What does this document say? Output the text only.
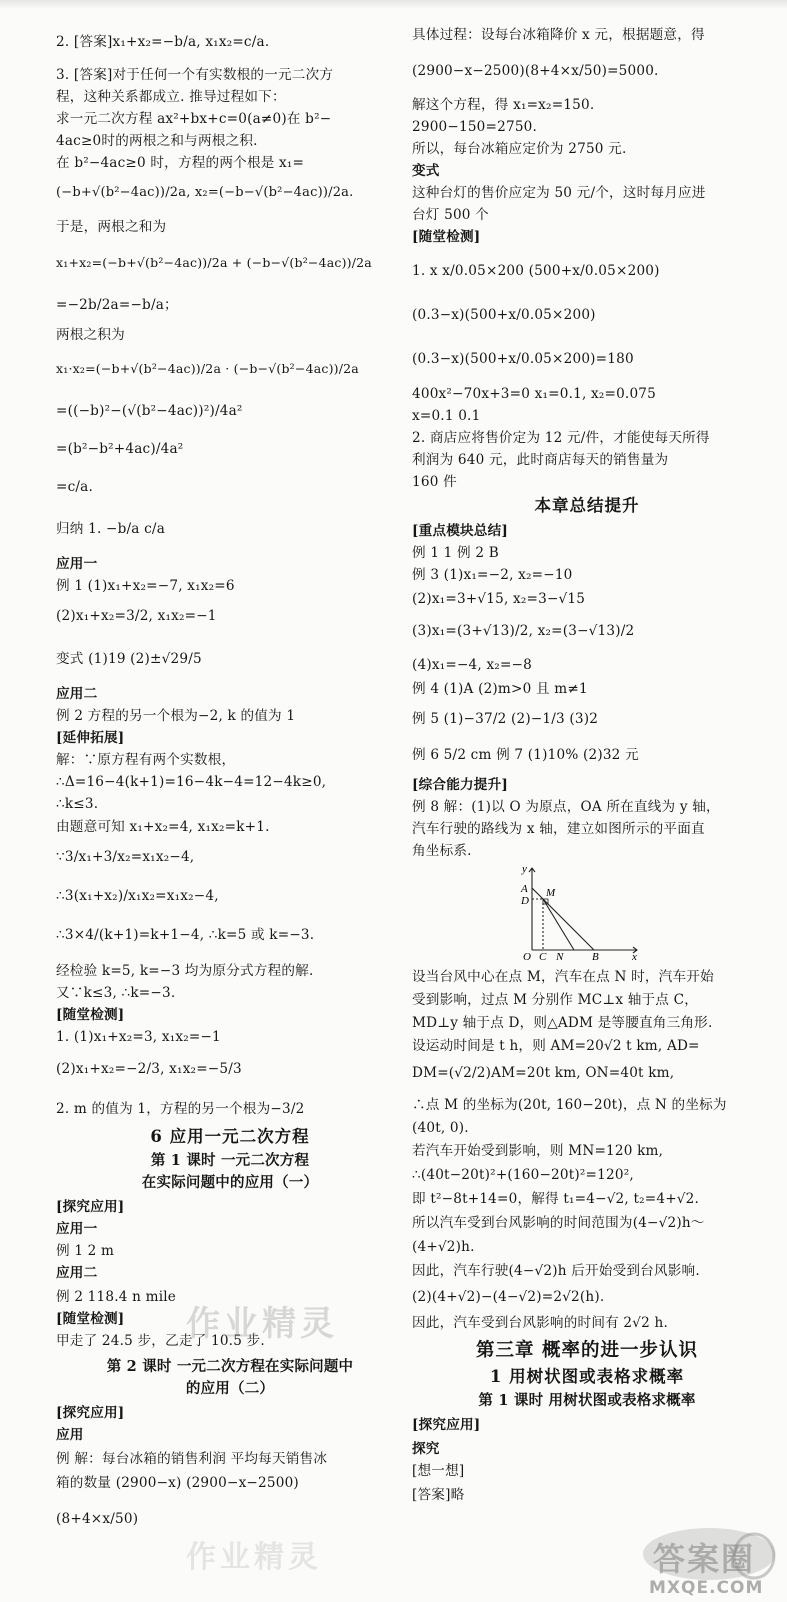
2. [答案]x₁+x₂=−b/a, x₁x₂=c/a.
3. [答案]对于任何一个有实数根的一元二次方
程，这种关系都成立. 推导过程如下：
求一元二次方程 ax²+bx+c=0(a≠0)在 b²−
4ac≥0时的两根之和与两根之积.
在 b²−4ac≥0 时，方程的两个根是 x₁=
(−b+√(b²−4ac))/2a, x₂=(−b−√(b²−4ac))/2a.
于是，两根之和为
x₁+x₂=(−b+√(b²−4ac))/2a + (−b−√(b²−4ac))/2a
=−2b/2a=−b/a；
两根之积为
x₁·x₂=(−b+√(b²−4ac))/2a · (−b−√(b²−4ac))/2a
=((−b)²−(√(b²−4ac))²)/4a²
=(b²−b²+4ac)/4a²
=c/a.
归纳 1. −b/a c/a
应用一
例 1 (1)x₁+x₂=−7, x₁x₂=6
(2)x₁+x₂=3/2, x₁x₂=−1
变式 (1)19 (2)±√29/5
应用二
例 2 方程的另一个根为−2, k 的值为 1
[延伸拓展]
解：∵原方程有两个实数根，
∴Δ=16−4(k+1)=16−4k−4=12−4k≥0,
∴k≤3.
由题意可知 x₁+x₂=4, x₁x₂=k+1.
∵3/x₁+3/x₂=x₁x₂−4,
∴3(x₁+x₂)/x₁x₂=x₁x₂−4,
∴3×4/(k+1)=k+1−4, ∴k=5 或 k=−3.
经检验 k=5, k=−3 均为原分式方程的解.
又∵k≤3, ∴k=−3.
[随堂检测]
1. (1)x₁+x₂=3, x₁x₂=−1
(2)x₁+x₂=−2/3, x₁x₂=−5/3
2. m 的值为 1，方程的另一个根为−3/2
6 应用一元二次方程
第 1 课时 一元二次方程
在实际问题中的应用（一）
[探究应用]
应用一
例 1 2 m
应用二
例 2 118.4 n mile
[随堂检测]
甲走了 24.5 步，乙走了 10.5 步.
第 2 课时 一元二次方程在实际问题中
的应用（二）
[探究应用]
应用
例 解：每台冰箱的销售利润 平均每天销售冰
箱的数量 (2900−x) (2900−x−2500)
(8+4×x/50)
具体过程：设每台冰箱降价 x 元，根据题意，得
(2900−x−2500)(8+4×x/50)=5000.
解这个方程，得 x₁=x₂=150.
2900−150=2750.
所以，每台冰箱应定价为 2750 元.
变式
这种台灯的售价应定为 50 元/个，这时每月应进
台灯 500 个
[随堂检测]
1. x x/0.05×200 (500+x/0.05×200)
(0.3−x)(500+x/0.05×200)
(0.3−x)(500+x/0.05×200)=180
400x²−70x+3=0 x₁=0.1, x₂=0.075
x=0.1 0.1
2. 商店应将售价定为 12 元/件，才能使每天所得
利润为 640 元，此时商店每天的销售量为
160 件
本章总结提升
[重点模块总结]
例 1 1 例 2 B
例 3 (1)x₁=−2, x₂=−10
(2)x₁=3+√15, x₂=3−√15
(3)x₁=(3+√13)/2, x₂=(3−√13)/2
(4)x₁=−4, x₂=−8
例 4 (1)A (2)m>0 且 m≠1
例 5 (1)−37/2 (2)−1/3 (3)2
例 6 5/2 cm 例 7 (1)10% (2)32 元
[综合能力提升]
例 8 解：(1)以 O 为原点，OA 所在直线为 y 轴，
汽车行驶的路线为 x 轴，建立如图所示的平面直
角坐标系.
y
A
D
M
O C N	B	x
设当台风中心在点 M，汽车在点 N 时，汽车开始
受到影响，过点 M 分别作 MC⊥x 轴于点 C，
MD⊥y 轴于点 D，则△ADM 是等腰直角三角形.
设运动时间是 t h，则 AM=20√2 t km, AD=
DM=(√2/2)AM=20t km, ON=40t km,
∴点 M 的坐标为(20t, 160−20t)，点 N 的坐标为
(40t, 0).
若汽车开始受到影响，则 MN=120 km,
∴(40t−20t)²+(160−20t)²=120²,
即 t²−8t+14=0，解得 t₁=4−√2, t₂=4+√2.
所以汽车受到台风影响的时间范围为(4−√2)h～
(4+√2)h.
因此，汽车行驶(4−√2)h 后开始受到台风影响.
(2)(4+√2)−(4−√2)=2√2(h).
因此，汽车受到台风影响的时间有 2√2 h.
第三章 概率的进一步认识
1 用树状图或表格求概率
第 1 课时 用树状图或表格求概率
[探究应用]
探究
[想一想]
[答案]略
作业精灵
作业精灵	答案圈
MXQE.COM
